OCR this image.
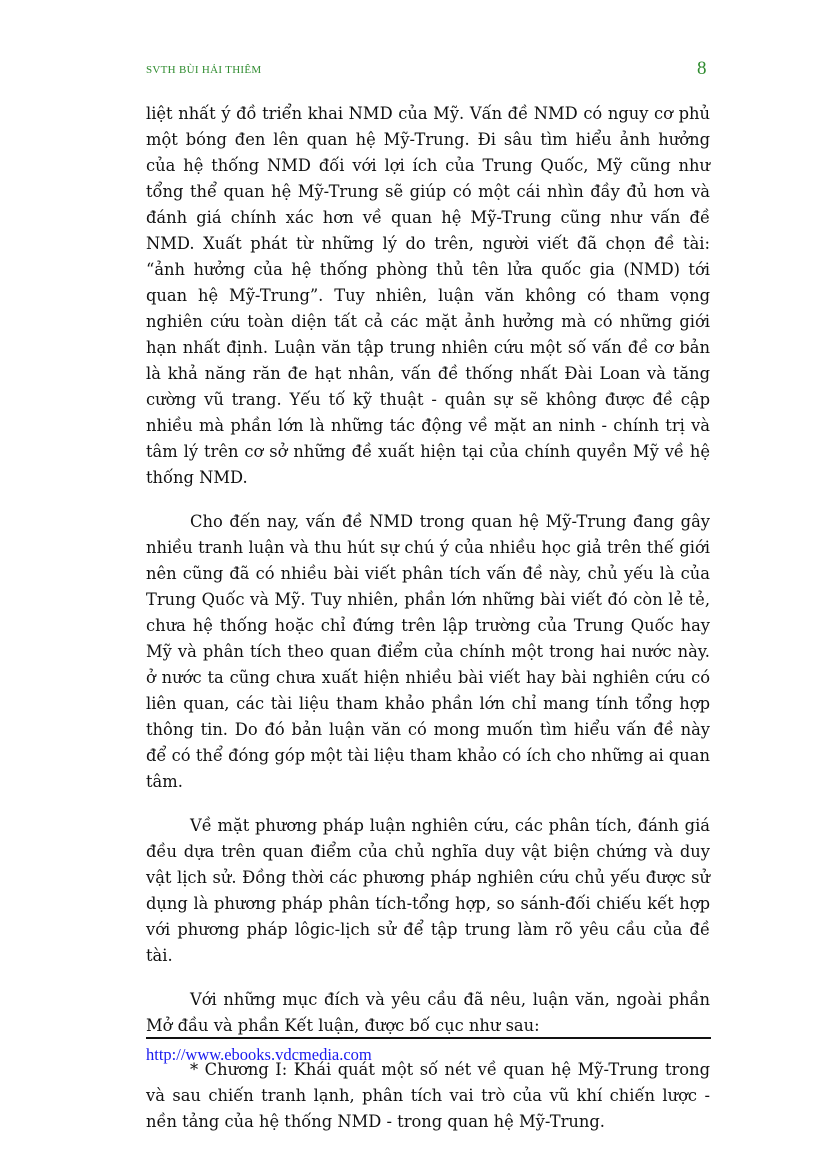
SVTH BÙI HẢI THIÊM	8

liệt nhất ý đồ triển khai NMD của Mỹ. Vấn đề NMD có nguy cơ phủ một bóng đen lên quan hệ Mỹ-Trung. Đi sâu tìm hiểu ảnh hưởng của hệ thống NMD đối với lợi ích của Trung Quốc, Mỹ cũng như tổng thể quan hệ Mỹ-Trung sẽ giúp có một cái nhìn đầy đủ hơn và đánh giá chính xác hơn về quan hệ Mỹ-Trung cũng như vấn đề NMD. Xuất phát từ những lý do trên, người viết đã chọn đề tài: “ảnh hưởng của hệ thống phòng thủ tên lửa quốc gia (NMD) tới quan hệ Mỹ-Trung”. Tuy nhiên, luận văn không có tham vọng nghiên cứu toàn diện tất cả các mặt ảnh hưởng mà có những giới hạn nhất định. Luận văn tập trung nhiên cứu một số vấn đề cơ bản là khả năng răn đe hạt nhân, vấn đề thống nhất Đài Loan và tăng cường vũ trang. Yếu tố kỹ thuật - quân sự sẽ không được đề cập nhiều mà phần lớn là những tác động về mặt an ninh - chính trị và tâm lý trên cơ sở những đề xuất hiện tại của chính quyền Mỹ về hệ thống NMD.

Cho đến nay, vấn đề NMD trong quan hệ Mỹ-Trung đang gây nhiều tranh luận và thu hút sự chú ý của nhiều học giả trên thế giới nên cũng đã có nhiều bài viết phân tích vấn đề này, chủ yếu là của Trung Quốc và Mỹ. Tuy nhiên, phần lớn những bài viết đó còn lẻ tẻ, chưa hệ thống hoặc chỉ đứng trên lập trường của Trung Quốc hay Mỹ và phân tích theo quan điểm của chính một trong hai nước này. ở nước ta cũng chưa xuất hiện nhiều bài viết hay bài nghiên cứu có liên quan, các tài liệu tham khảo phần lớn chỉ mang tính tổng hợp thông tin. Do đó bản luận văn có mong muốn tìm hiểu vấn đề này để có thể đóng góp một tài liệu tham khảo có ích cho những ai quan tâm.

Về mặt phương pháp luận nghiên cứu, các phân tích, đánh giá đều dựa trên quan điểm của chủ nghĩa duy vật biện chứng và duy vật lịch sử. Đồng thời các phương pháp nghiên cứu chủ yếu được sử dụng là phương pháp phân tích-tổng hợp, so sánh-đối chiếu kết hợp với phương pháp lôgic-lịch sử để tập trung làm rõ yêu cầu của đề tài.

Với những mục đích và yêu cầu đã nêu, luận văn, ngoài phần Mở đầu và phần Kết luận, được bố cục như sau:

* Chương I: Khái quát một số nét về quan hệ Mỹ-Trung trong và sau chiến tranh lạnh, phân tích vai trò của vũ khí chiến lược - nền tảng của hệ thống NMD - trong quan hệ Mỹ-Trung.

http://www.ebooks.vdcmedia.com
